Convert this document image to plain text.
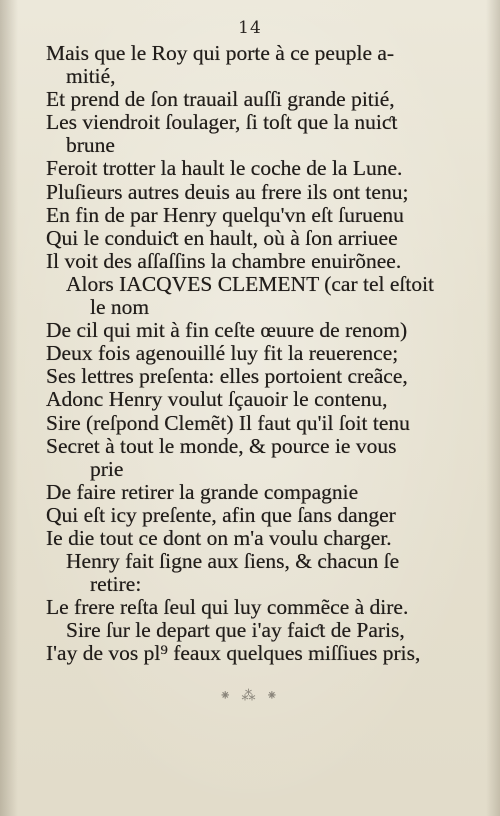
14
Mais que le Roy qui porte à ce peuple a-
mitié,
Et prend de ſon trauail auſſi grande pitié,
Les viendroit ſoulager, ſi toſt que la nuiƈt
brune
Feroit trotter la hault le coche de la Lune.
Pluſieurs autres deuis au frere ils ont tenu;
En fin de par Henry quelqu'vn eſt ſuruenu
Qui le conduiƈt en hault, où à ſon arriuee
Il voit des aſſaſſins la chambre enuirõnee.
Alors IACQVES CLEMENT (car tel eſtoit
le nom
De cil qui mit à fin ceſte œuure de renom)
Deux fois agenouillé luy fit la reuerence;
Ses lettres preſenta: elles portoient creãce,
Adonc Henry voulut ſçauoir le contenu,
Sire (reſpond Clemẽt) Il faut qu'il ſoit tenu
Secret à tout le monde, & pource ie vous
prie
De faire retirer la grande compagnie
Qui eſt icy preſente, afin que ſans danger
Ie die tout ce dont on m'a voulu charger.
Henry fait ſigne aux ſiens, & chacun ſe
retire:
Le frere reſta ſeul qui luy commẽce à dire.
Sire ſur le depart que i'ay faiƈt de Paris,
I'ay de vos pl⁹ feaux quelques miſſiues pris,
⁕ ⁂ ⁕
